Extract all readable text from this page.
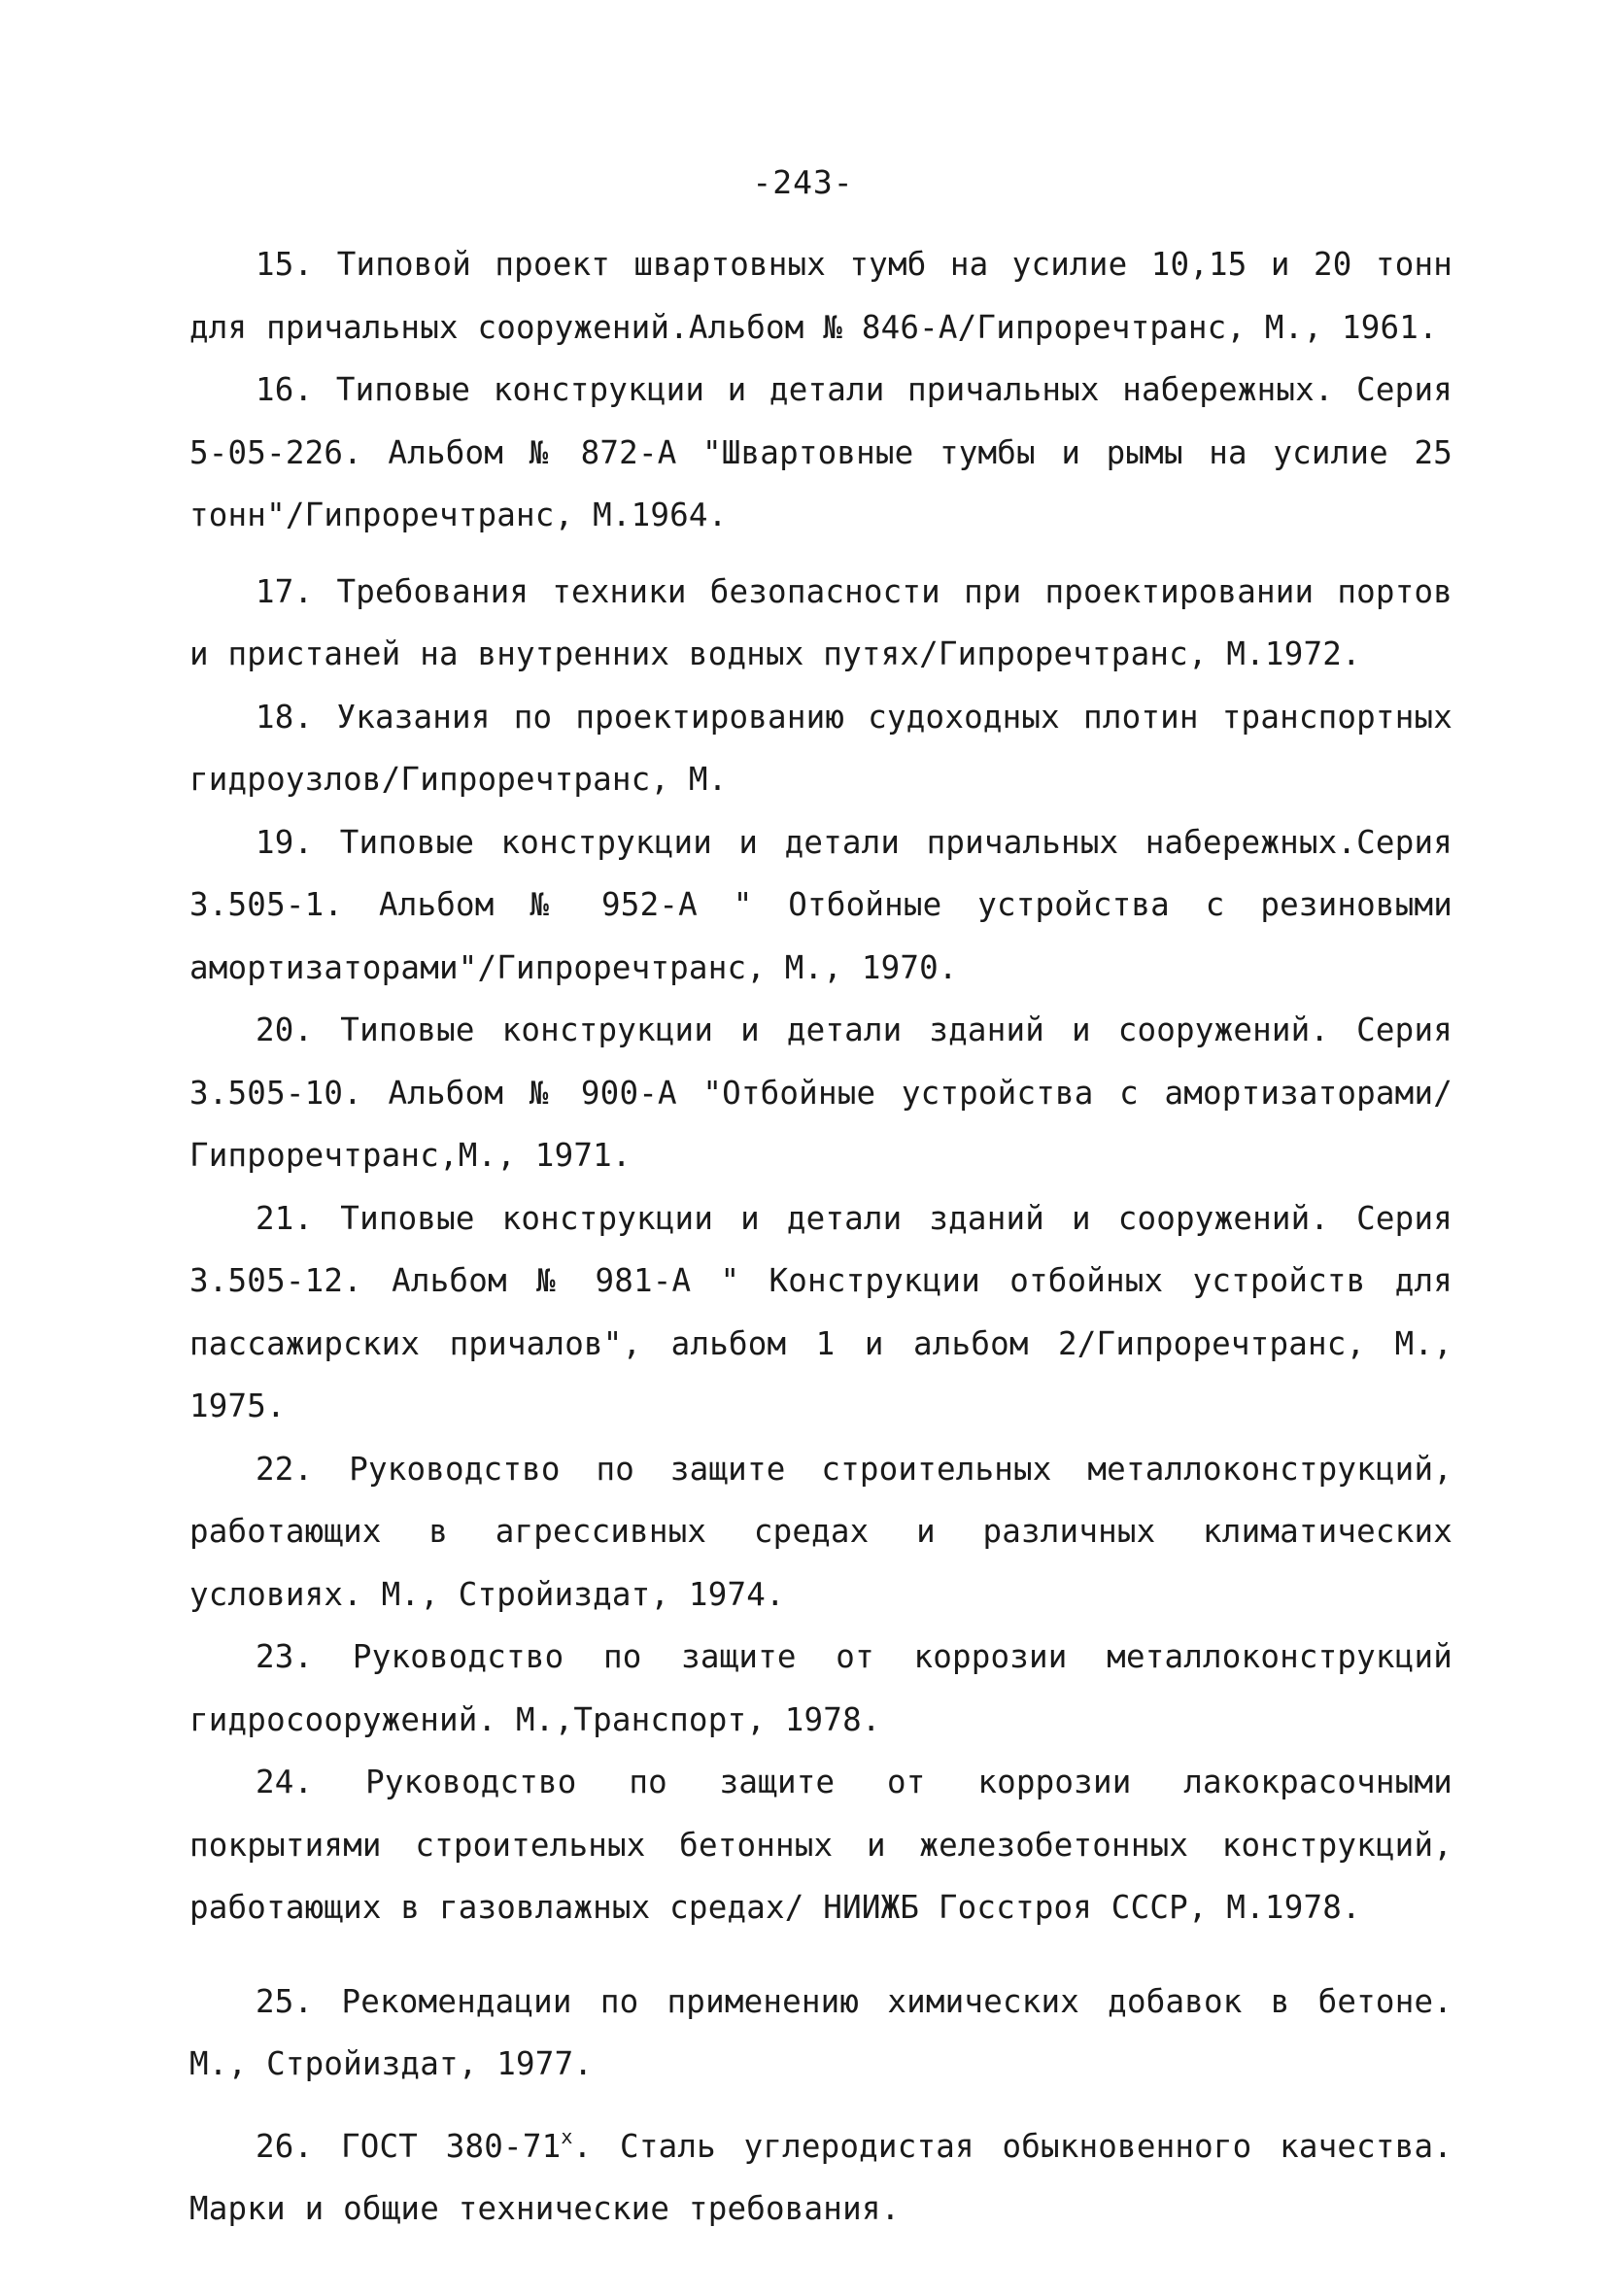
-243-

15. Типовой проект швартовных тумб на усилие 10,15 и 20 тонн для причальных сооружений.Альбом № 846-А/Гипроречтранс, М., 1961.

16. Типовые конструкции и детали причальных набережных. Серия 5-05-226. Альбом № 872-А "Швартовные тумбы и рымы на усилие 25 тонн"/Гипроречтранс, М.1964.

17. Требования техники безопасности при проектировании портов и пристаней на внутренних водных путях/Гипроречтранс, М.1972.

18. Указания по проектированию судоходных плотин транспортных гидроузлов/Гипроречтранс, М.

19. Типовые конструкции и детали причальных набережных.Серия 3.505-1. Альбом № 952-А " Отбойные устройства с резиновыми амортизаторами"/Гипроречтранс, М., 1970.

20. Типовые конструкции и детали зданий и сооружений. Серия 3.505-10. Альбом № 900-А "Отбойные устройства с амортизаторами/ Гипроречтранс,М., 1971.

21. Типовые конструкции и детали зданий и сооружений. Серия 3.505-12. Альбом № 981-А " Конструкции отбойных устройств для пассажирских причалов", альбом 1 и альбом 2/Гипроречтранс, М., 1975.

22. Руководство по защите строительных металлоконструкций, работающих в агрессивных средах и различных климатических условиях. М., Стройиздат, 1974.

23. Руководство по защите от коррозии металлоконструкций гидросооружений. М.,Транспорт, 1978.

24. Руководство по защите от коррозии лакокрасочными покрытиями строительных бетонных и железобетонных конструкций, работающих в газовлажных средах/ НИИЖБ Госстроя СССР, М.1978.

25. Рекомендации по применению химических добавок в бетоне. М., Стройиздат, 1977.

26. ГОСТ 380-71$^x$. Сталь углеродистая обыкновенного качества. Марки и общие технические требования.
